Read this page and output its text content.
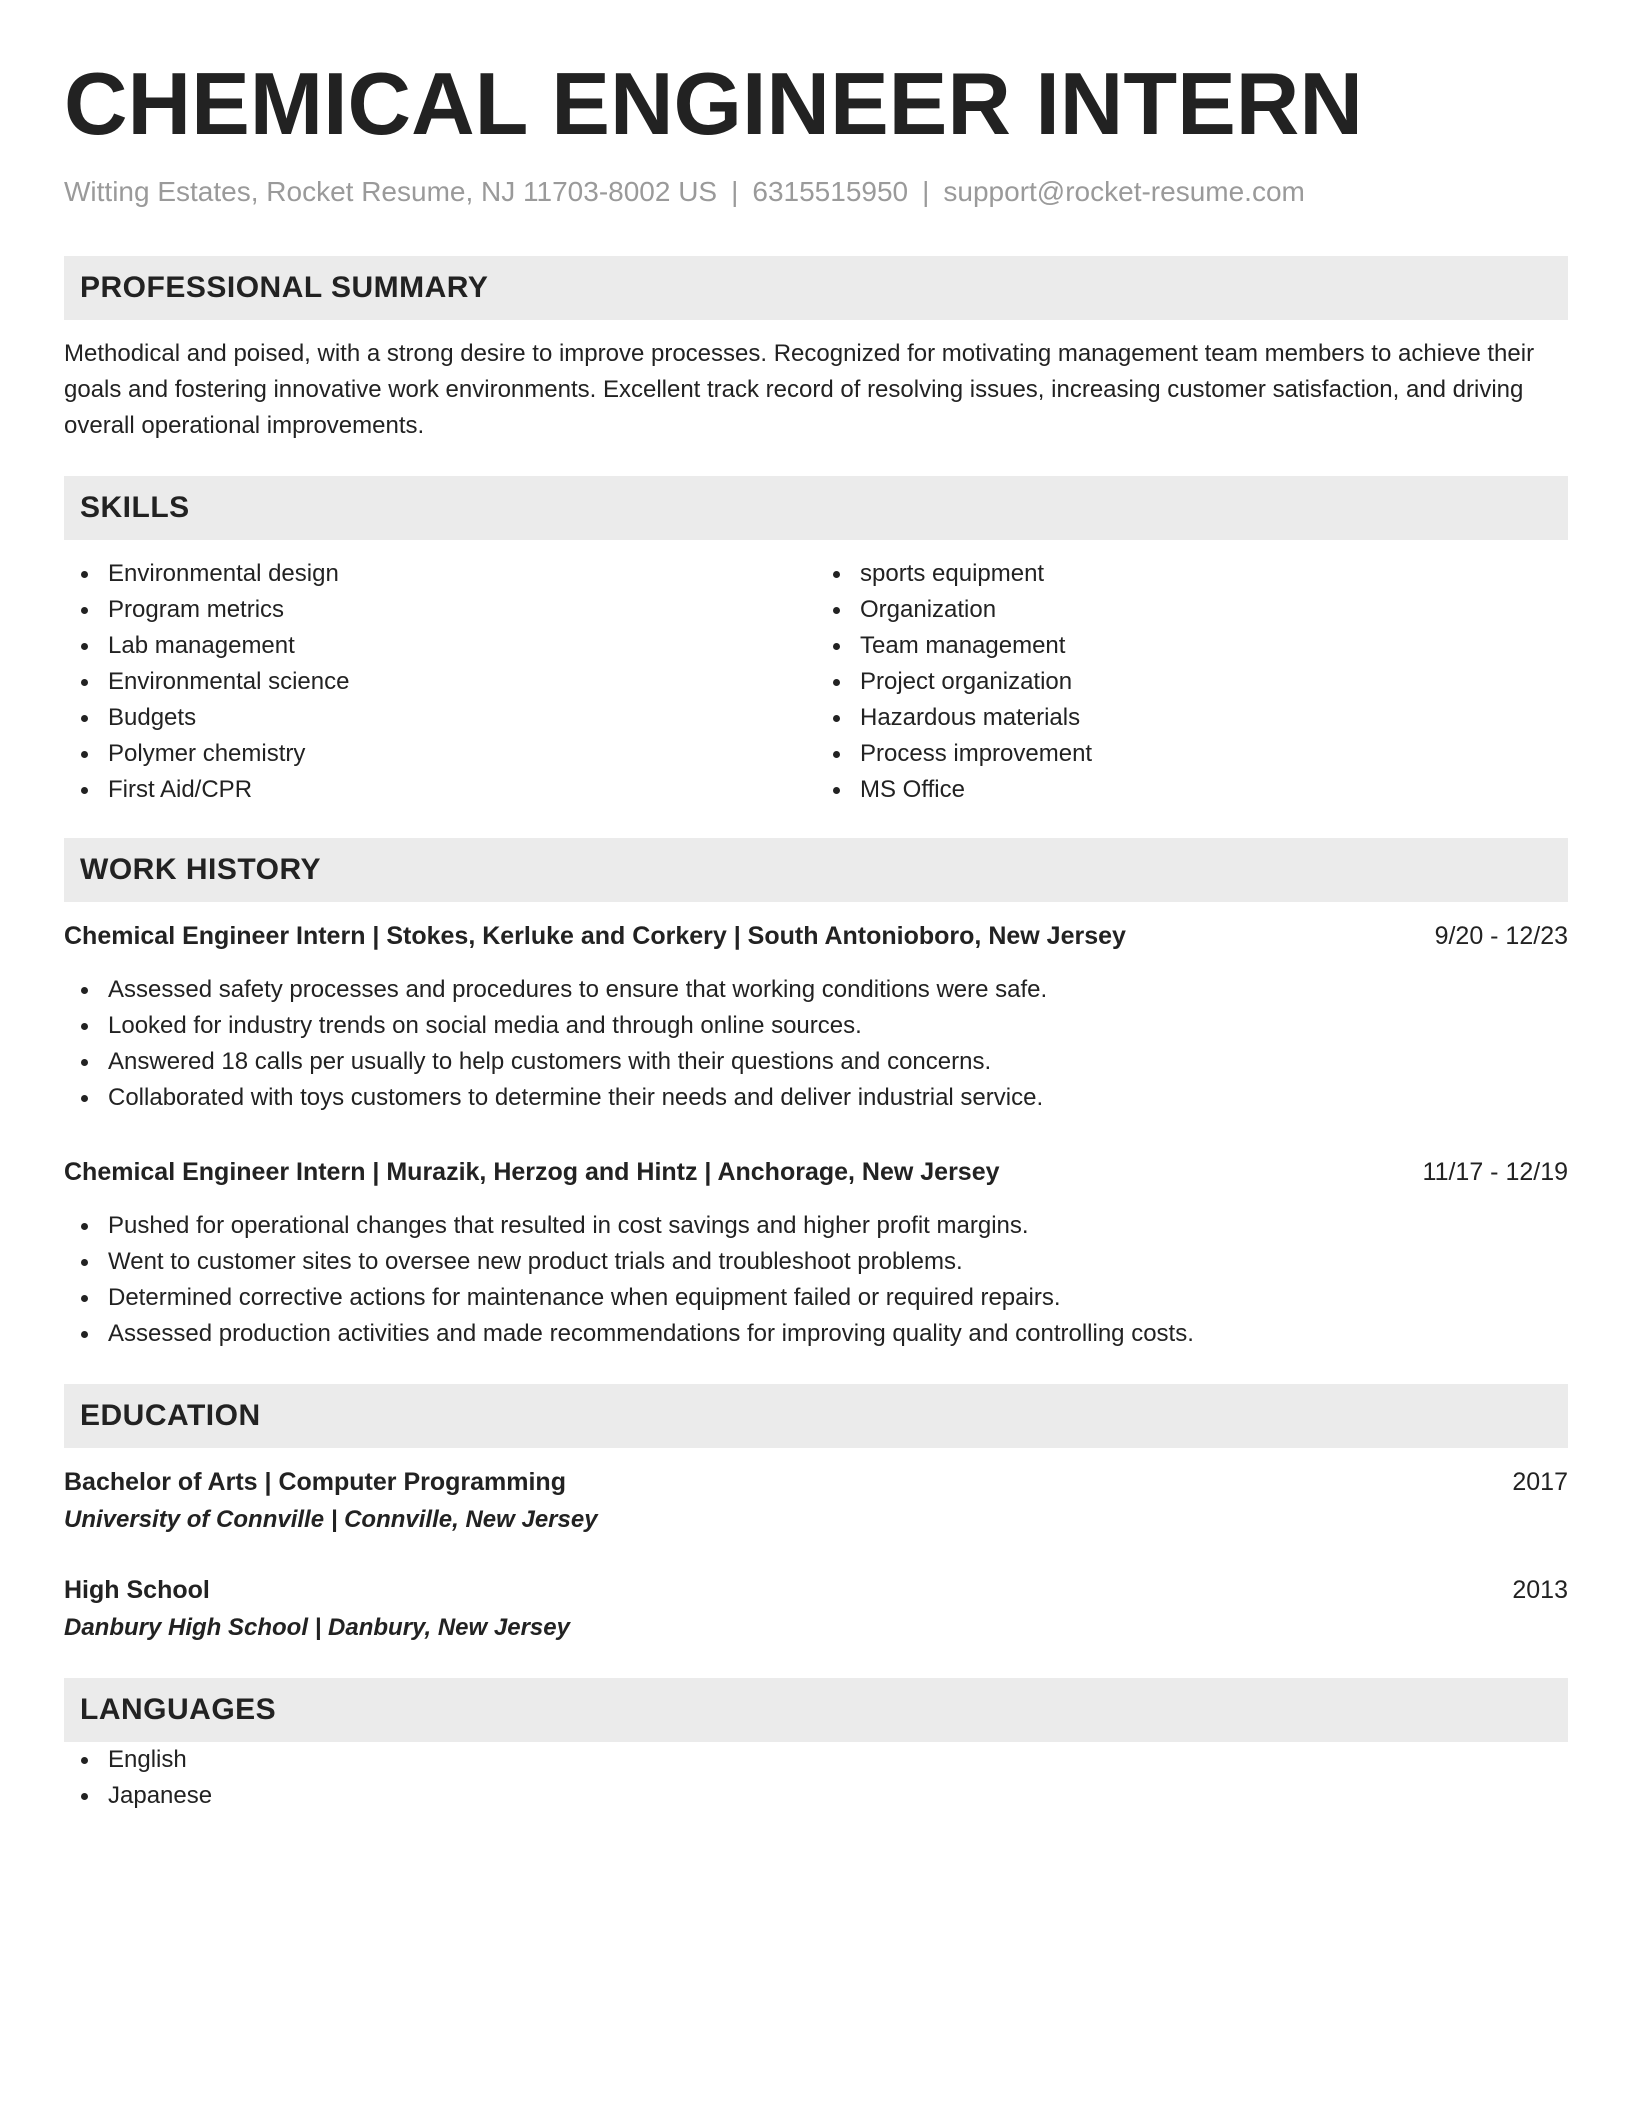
CHEMICAL ENGINEER INTERN
Witting Estates, Rocket Resume, NJ 11703-8002 US | 6315515950 | support@rocket-resume.com
PROFESSIONAL SUMMARY
Methodical and poised, with a strong desire to improve processes. Recognized for motivating management team members to achieve their goals and fostering innovative work environments. Excellent track record of resolving issues, increasing customer satisfaction, and driving overall operational improvements.
SKILLS
Environmental design
Program metrics
Lab management
Environmental science
Budgets
Polymer chemistry
First Aid/CPR
sports equipment
Organization
Team management
Project organization
Hazardous materials
Process improvement
MS Office
WORK HISTORY
Chemical Engineer Intern | Stokes, Kerluke and Corkery | South Antonioboro, New Jersey	9/20 - 12/23
Assessed safety processes and procedures to ensure that working conditions were safe.
Looked for industry trends on social media and through online sources.
Answered 18 calls per usually to help customers with their questions and concerns.
Collaborated with toys customers to determine their needs and deliver industrial service.
Chemical Engineer Intern | Murazik, Herzog and Hintz | Anchorage, New Jersey	11/17 - 12/19
Pushed for operational changes that resulted in cost savings and higher profit margins.
Went to customer sites to oversee new product trials and troubleshoot problems.
Determined corrective actions for maintenance when equipment failed or required repairs.
Assessed production activities and made recommendations for improving quality and controlling costs.
EDUCATION
Bachelor of Arts | Computer Programming	2017
University of Connville | Connville, New Jersey
High School	2013
Danbury High School | Danbury, New Jersey
LANGUAGES
English
Japanese
